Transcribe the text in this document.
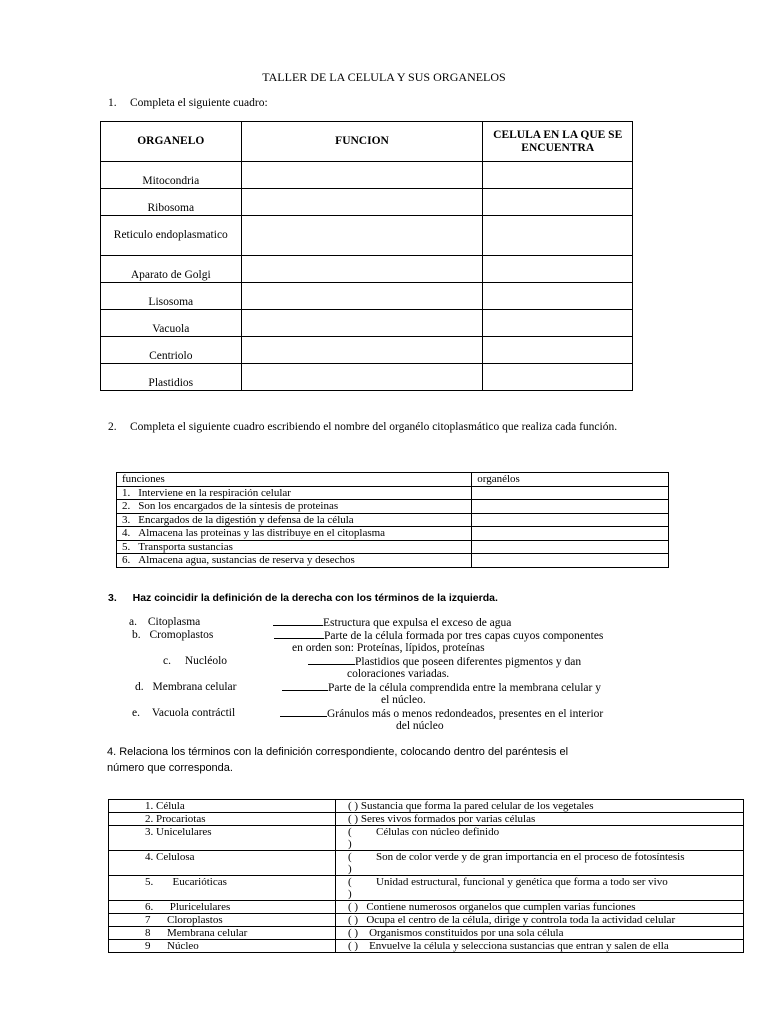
TALLER DE LA CELULA Y SUS ORGANELOS
1. Completa el siguiente cuadro:
ORGANELO	FUNCION	CELULA EN LA QUE SE ENCUENTRA
Mitocondria		
Ribosoma		
Reticulo endoplasmatico		
Aparato de Golgi		
Lisosoma		
Vacuola		
Centriolo		
Plastidios		
2. Completa el siguiente cuadro escribiendo el nombre del organélo citoplasmático que realiza cada función.
funciones	organélos
1. Interviene en la respiración celular	
2. Son los encargados de la síntesis de proteinas	
3. Encargados de la digestión y defensa de la célula	
4. Almacena las proteinas y las distribuye en el citoplasma	
5. Transporta sustancias	
6. Almacena agua, sustancias de reserva y desechos	
3. Haz coincidir la definición de la derecha con los términos de la izquierda.
a. Citoplasma	Estructura que expulsa el exceso de agua
b. Cromoplastos	Parte de la célula formada por tres capas cuyos componentes
en orden son: Proteínas, lípidos, proteínas
c. Nucléolo	Plastidios que poseen diferentes pigmentos y dan
coloraciones variadas.
d. Membrana celular	Parte de la célula comprendida entre la membrana celular y
el núcleo.
e. Vacuola contráctil	Gránulos más o menos redondeados, presentes en el interior
del núcleo
4. Relaciona los términos con la definición correspondiente, colocando dentro del paréntesis el
número que corresponda.
1. Célula	( ) Sustancia que forma la pared celular de los vegetales
2. Procariotas	( ) Seres vivos formados por varias células
3. Unicelulares	( Células con núcleo definido
)
4. Celulosa	( Son de color verde y de gran importancia en el proceso de fotosíntesis
)
5.       Eucarióticas	( Unidad estructural, funcional y genética que forma a todo ser vivo
)
6.      Pluricelulares	( ) Contiene numerosos organelos que cumplen varias funciones
7      Cloroplastos	( ) Ocupa el centro de la célula, dirige y controla toda la actividad celular
8      Membrana celular	( ) Organismos constituidos por una sola célula
9      Núcleo	( ) Envuelve la célula y selecciona sustancias que entran y salen de ella
